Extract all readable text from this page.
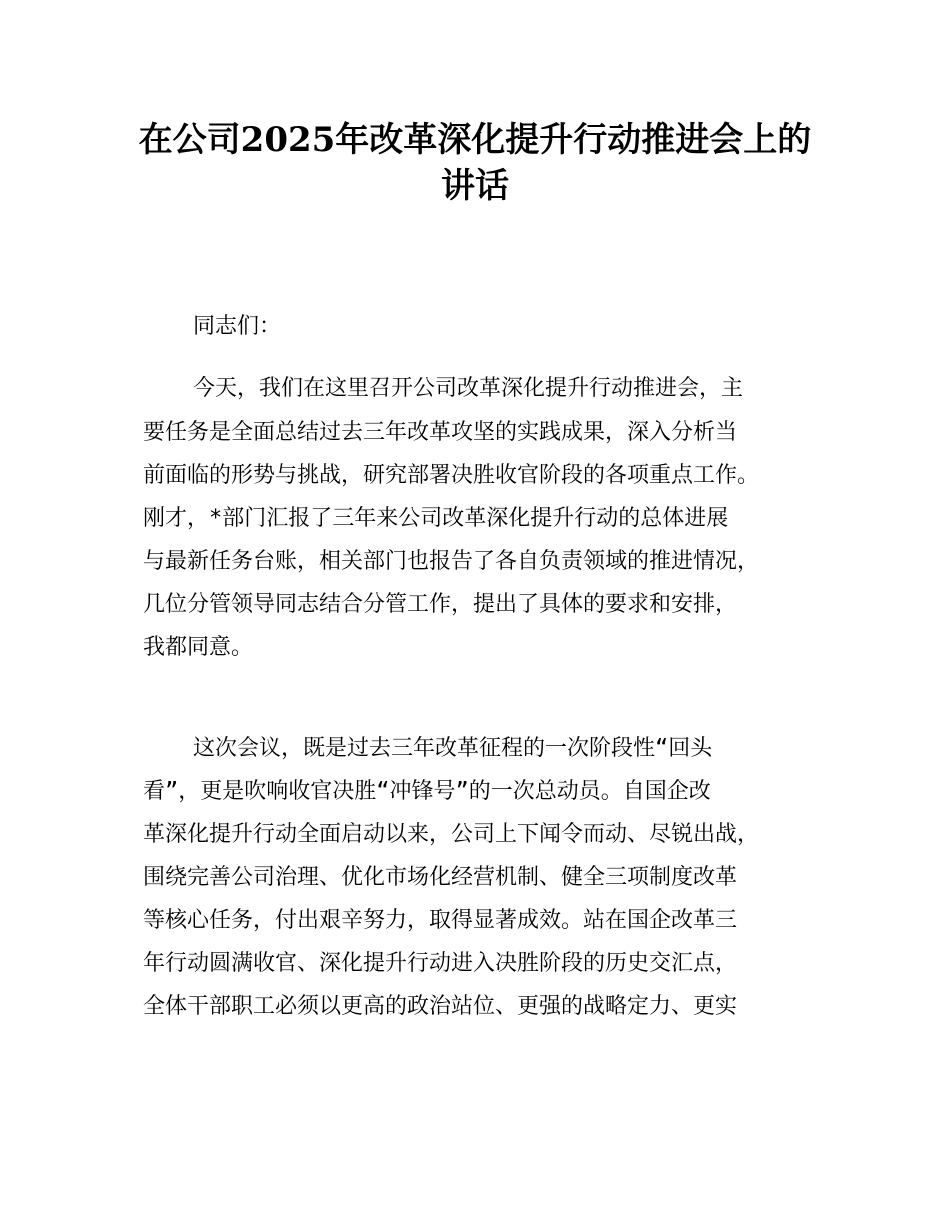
在公司2025年改革深化提升行动推进会上的
讲话
同志们：
今天，我们在这里召开公司改革深化提升行动推进会，主
要任务是全面总结过去三年改革攻坚的实践成果，深入分析当
前面临的形势与挑战，研究部署决胜收官阶段的各项重点工作。
刚才，*部门汇报了三年来公司改革深化提升行动的总体进展
与最新任务台账，相关部门也报告了各自负责领域的推进情况，
几位分管领导同志结合分管工作，提出了具体的要求和安排，
我都同意。
这次会议，既是过去三年改革征程的一次阶段性“回头
看”，更是吹响收官决胜“冲锋号”的一次总动员。自国企改
革深化提升行动全面启动以来，公司上下闻令而动、尽锐出战，
围绕完善公司治理、优化市场化经营机制、健全三项制度改革
等核心任务，付出艰辛努力，取得显著成效。站在国企改革三
年行动圆满收官、深化提升行动进入决胜阶段的历史交汇点，
全体干部职工必须以更高的政治站位、更强的战略定力、更实
